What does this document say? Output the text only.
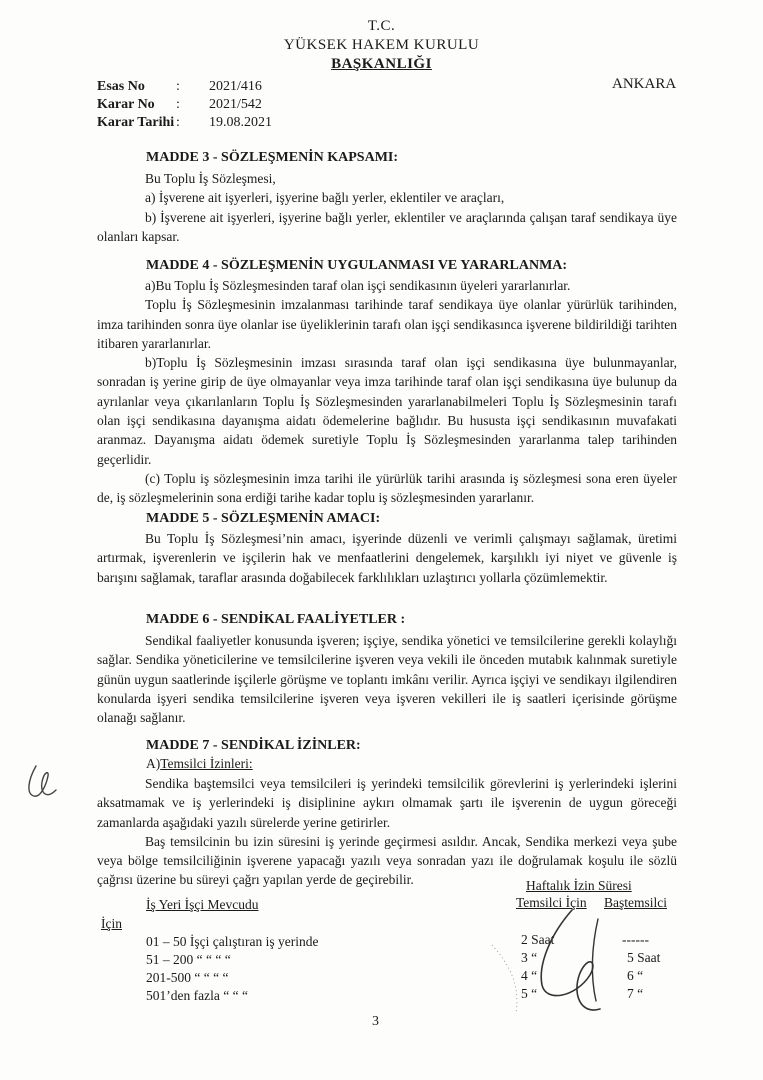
T.C.
YÜKSEK HAKEM KURULU
BAŞKANLIĞI
ANKARA
Esas No : 2021/416
Karar No : 2021/542
Karar Tarihi : 19.08.2021
MADDE 3 - SÖZLEŞMENİN KAPSAMI:

Bu Toplu İş Sözleşmesi,

a) İşverene ait işyerleri, işyerine bağlı yerler, eklentiler ve araçları,

b) İşverene ait işyerleri, işyerine bağlı yerler, eklentiler ve araçlarında çalışan taraf sendikaya üye olanları kapsar.

MADDE 4 - SÖZLEŞMENİN UYGULANMASI VE YARARLANMA:

a)Bu Toplu İş Sözleşmesinden taraf olan işçi sendikasının üyeleri yararlanırlar.

Toplu İş Sözleşmesinin imzalanması tarihinde taraf sendikaya üye olanlar yürürlük tarihinden, imza tarihinden sonra üye olanlar ise üyeliklerinin tarafı olan işçi sendikasınca işverene bildirildiği tarihten itibaren yararlanırlar.

b)Toplu İş Sözleşmesinin imzası sırasında taraf olan işçi sendikasına üye bulunmayanlar, sonradan iş yerine girip de üye olmayanlar veya imza tarihinde taraf olan işçi sendikasına üye bulunup da ayrılanlar veya çıkarılanların Toplu İş Sözleşmesinden yararlanabilmeleri Toplu İş Sözleşmesinin tarafı olan işçi sendikasına dayanışma aidatı ödemelerine bağlıdır. Bu hususta işçi sendikasının muvafakati aranmaz. Dayanışma aidatı ödemek suretiyle Toplu İş Sözleşmesinden yararlanma talep tarihinden geçerlidir.

(c) Toplu iş sözleşmesinin imza tarihi ile yürürlük tarihi arasında iş sözleşmesi sona eren üyeler de, iş sözleşmelerinin sona erdiği tarihe kadar toplu iş sözleşmesinden yararlanır.

MADDE 5 - SÖZLEŞMENİN AMACI:

Bu Toplu İş Sözleşmesi’nin amacı, işyerinde düzenli ve verimli çalışmayı sağlamak, üretimi artırmak, işverenlerin ve işçilerin hak ve menfaatlerini dengelemek, karşılıklı iyi niyet ve güvenle iş barışını sağlamak, taraflar arasında doğabilecek farklılıkları uzlaştırıcı yollarla çözümlemektir.

MADDE 6 - SENDİKAL FAALİYETLER :

Sendikal faaliyetler konusunda işveren; işçiye, sendika yönetici ve temsilcilerine gerekli kolaylığı sağlar. Sendika yöneticilerine ve temsilcilerine işveren veya vekili ile önceden mutabık kalınmak suretiyle günün uygun saatlerinde işçilerle görüşme ve toplantı imkânı verilir. Ayrıca işçiyi ve sendikayı ilgilendiren konularda işyeri sendika temsilcilerine işveren veya işveren vekilleri ile iş saatleri içerisinde görüşme olanağı sağlanır.

MADDE 7 - SENDİKAL İZİNLER:
A)Temsilci İzinleri:

Sendika baştemsilci veya temsilcileri iş yerindeki temsilcilik görevlerini iş yerlerindeki işlerini aksatmamak ve iş yerlerindeki iş disiplinine aykırı olmamak şartı ile işverenin de uygun göreceği zamanlarda aşağıdaki yazılı sürelerde yerine getirirler.

Baş temsilcinin bu izin süresini iş yerinde geçirmesi asıldır. Ancak, Sendika merkezi veya şube veya bölge temsilciliğinin işverene yapacağı yazılı veya sonradan yazı ile doğrulamak koşulu ile sözlü çağrısı üzerine bu süreyi çağrı yapılan yerde de geçirebilir.	Haftalık İzin Süresi
İş Yeri İşçi Mevcudu	Temsilci İçin Baştemsilci
İçin
01 – 50 İşçi çalıştıran iş yerinde	2 Saat	------
51 – 200 “ “ “ “	3 “	5 Saat
201-500 “ “ “ “	4 “	6 “
501’den fazla “ “ “	5 “	7 “
3
